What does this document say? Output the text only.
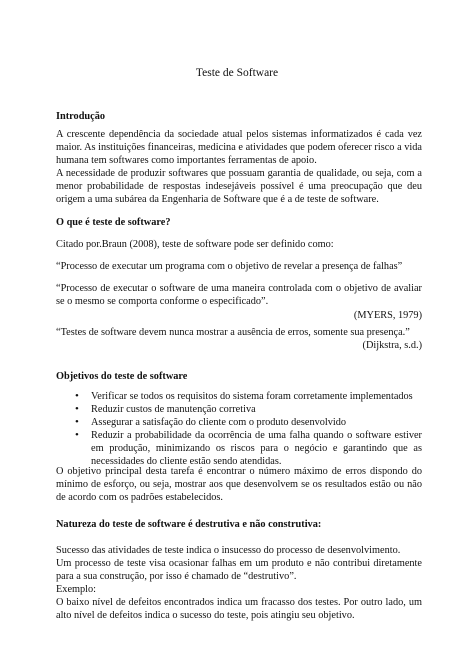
Teste de Software
Introdução
A crescente dependência da sociedade atual pelos sistemas informatizados é cada vez maior. As instituições financeiras, medicina e atividades que podem oferecer risco a vida humana tem softwares como importantes ferramentas de apoio.
A necessidade de produzir softwares que possuam garantia de qualidade, ou seja, com a menor probabilidade de respostas indesejáveis possível é uma preocupação que deu origem a uma subárea da Engenharia de Software que é a de teste de software.
O que é teste de software?
Citado por.Braun (2008), teste de software pode ser definido como:
“Processo de executar um programa com o objetivo de revelar a presença de falhas”
“Processo de executar o software de uma maneira controlada com o objetivo de avaliar se o mesmo se comporta conforme o especificado”.
(MYERS, 1979)
“Testes de software devem nunca mostrar a ausência de erros, somente sua presença.”
(Dijkstra, s.d.)
Objetivos do teste de software
• Verificar se todos os requisitos do sistema foram corretamente implementados
• Reduzir custos de manutenção corretiva
• Assegurar a satisfação do cliente com o produto desenvolvido
• Reduzir a probabilidade da ocorrência de uma falha quando o software estiver em produção, minimizando os riscos para o negócio e garantindo que as necessidades do cliente estão sendo atendidas.
O objetivo principal desta tarefa é encontrar o número máximo de erros dispondo do mínimo de esforço, ou seja, mostrar aos que desenvolvem se os resultados estão ou não de acordo com os padrões estabelecidos.
Natureza do teste de software é destrutiva e não construtiva:
Sucesso das atividades de teste indica o insucesso do processo de desenvolvimento.
Um processo de teste visa ocasionar falhas em um produto e não contribui diretamente para a sua construção, por isso é chamado de “destrutivo”.
Exemplo:
O baixo nível de defeitos encontrados indica um fracasso dos testes. Por outro lado, um alto nível de defeitos indica o sucesso do teste, pois atingiu seu objetivo.
